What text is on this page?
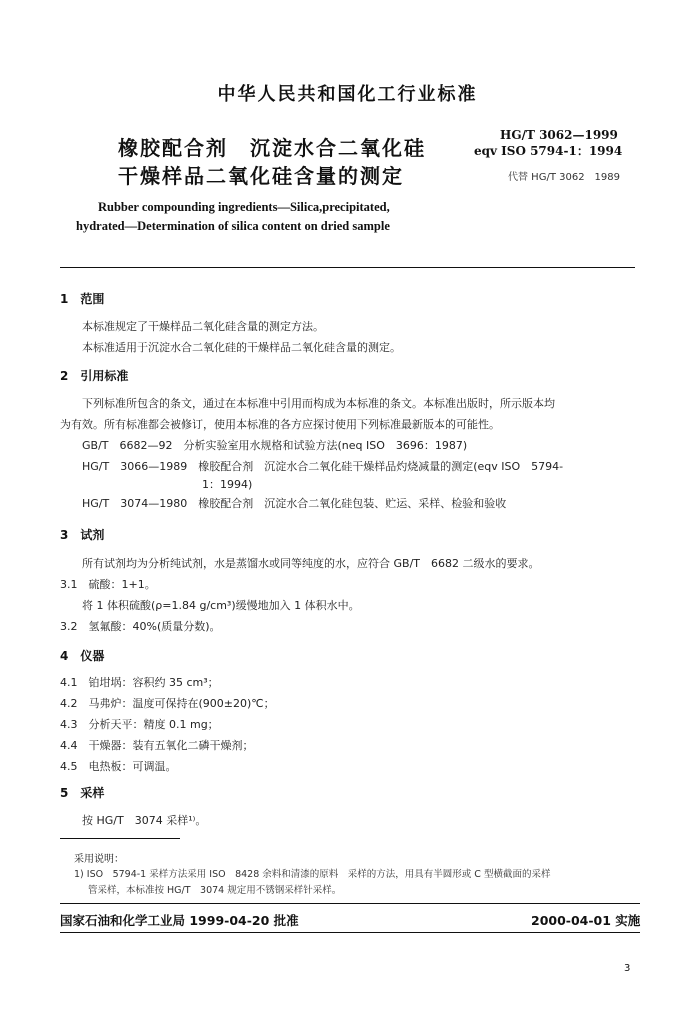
中华人民共和国化工行业标准
橡胶配合剂　沉淀水合二氧化硅
干燥样品二氧化硅含量的测定
HG/T 3062—1999
eqv ISO 5794-1：1994
代替 HG/T 3062　1989
Rubber compounding ingredients—Silica,precipitated,
hydrated—Determination of silica content on dried sample
1　范围
本标准规定了干燥样品二氧化硅含量的测定方法。
本标准适用于沉淀水合二氧化硅的干燥样品二氧化硅含量的测定。
2　引用标准
下列标准所包含的条文，通过在本标准中引用而构成为本标准的条文。本标准出版时，所示版本均
为有效。所有标准都会被修订，使用本标准的各方应探讨使用下列标准最新版本的可能性。
GB/T　6682—92　分析实验室用水规格和试验方法(neq ISO　3696：1987)
HG/T　3066—1989　橡胶配合剂　沉淀水合二氧化硅干燥样品灼烧减量的测定(eqv ISO　5794-
1：1994)
HG/T　3074—1980　橡胶配合剂　沉淀水合二氧化硅包装、贮运、采样、检验和验收
3　试剂
所有试剂均为分析纯试剂，水是蒸馏水或同等纯度的水，应符合 GB/T　6682 二级水的要求。
3.1　硫酸：1+1。
将 1 体积硫酸(ρ=1.84 g/cm³)缓慢地加入 1 体积水中。
3.2　氢氟酸：40%(质量分数)。
4　仪器
4.1　铂坩埚：容积约 35 cm³；
4.2　马弗炉：温度可保持在(900±20)℃；
4.3　分析天平：精度 0.1 mg；
4.4　干燥器：装有五氧化二磷干燥剂；
4.5　电热板：可调温。
5　采样
按 HG/T　3074 采样¹⁾。
采用说明：
1) ISO　5794-1 采样方法采用 ISO　8428 余料和清漆的原料　采样的方法，用具有半圆形或 C 型横截面的采样
管采样，本标准按 HG/T　3074 规定用不锈钢采样针采样。
国家石油和化学工业局 1999-04-20 批准	2000-04-01 实施
3
